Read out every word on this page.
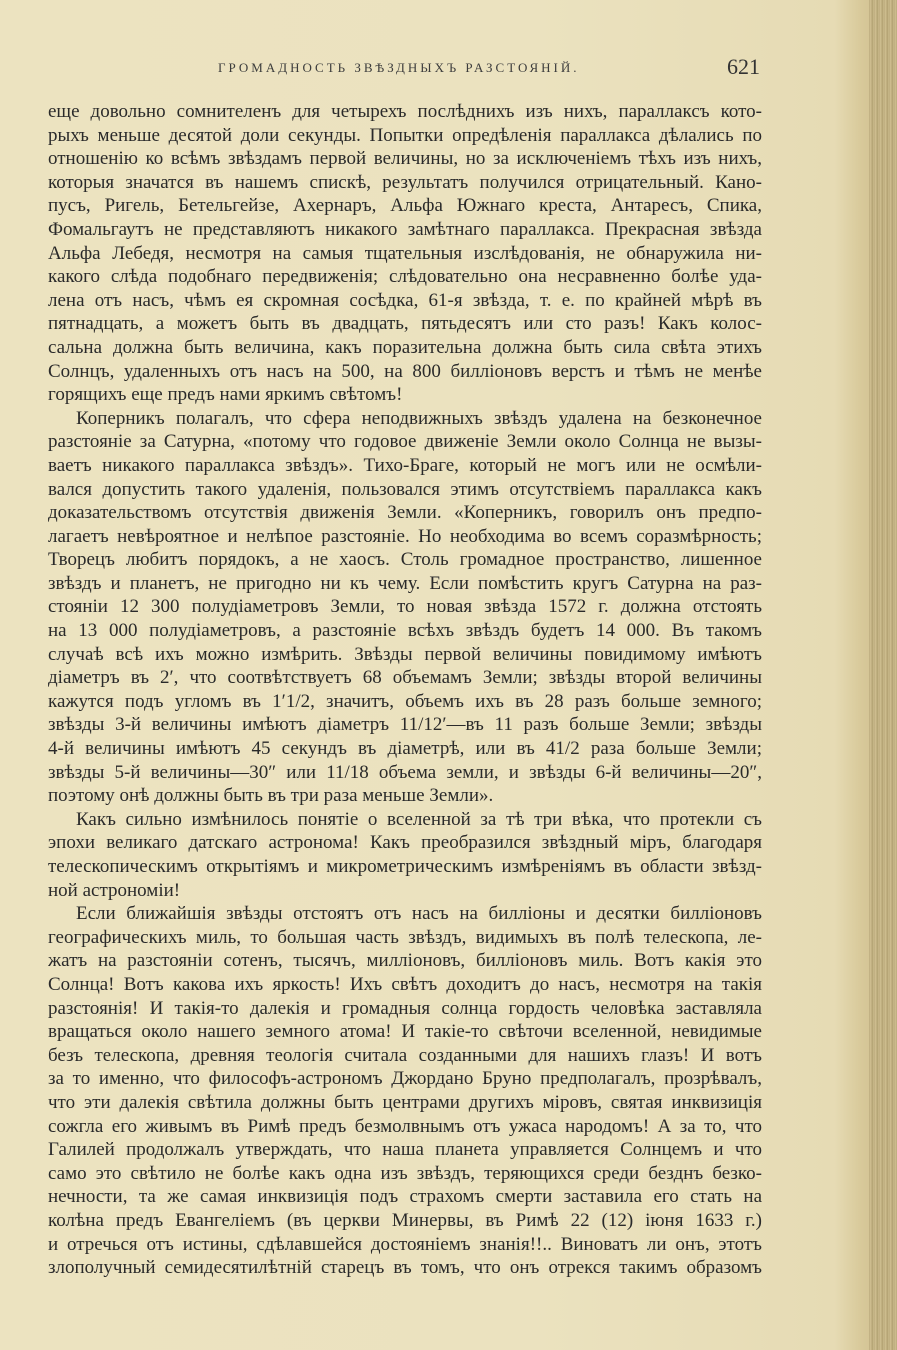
ГРОМАДНОСТЬ ЗВѢЗДНЫХЪ РАЗСТОЯНІЙ.	621
еще довольно сомнителенъ для четырехъ послѣднихъ изъ нихъ, параллаксъ кото-
рыхъ меньше десятой доли секунды. Попытки опредѣленія параллакса дѣлались по
отношенію ко всѣмъ звѣздамъ первой величины, но за исключеніемъ тѣхъ изъ нихъ,
которыя значатся въ нашемъ спискѣ, результатъ получился отрицательный. Кано-
пусъ, Ригель, Бетельгейзе, Ахернаръ, Альфа Южнаго креста, Антаресъ, Спика,
Фомальгаутъ не представляютъ никакого замѣтнаго параллакса. Прекрасная звѣзда
Альфа Лебедя, несмотря на самыя тщательныя изслѣдованія, не обнаружила ни-
какого слѣда подобнаго передвиженія; слѣдовательно она несравненно болѣе уда-
лена отъ насъ, чѣмъ ея скромная сосѣдка, 61-я звѣзда, т. е. по крайней мѣрѣ въ
пятнадцать, а можетъ быть въ двадцать, пятьдесятъ или сто разъ! Какъ колос-
сальна должна быть величина, какъ поразительна должна быть сила свѣта этихъ
Солнцъ, удаленныхъ отъ насъ на 500, на 800 билліоновъ верстъ и тѣмъ не менѣе
горящихъ еще предъ нами яркимъ свѣтомъ!
Коперникъ полагалъ, что сфера неподвижныхъ звѣздъ удалена на безконечное
разстояніе за Сатурна, «потому что годовое движеніе Земли около Солнца не вызы-
ваетъ никакого параллакса звѣздъ». Тихо-Браге, который не могъ или не осмѣли-
вался допустить такого удаленія, пользовался этимъ отсутствіемъ параллакса какъ
доказательствомъ отсутствія движенія Земли. «Коперникъ, говорилъ онъ предпо-
лагаетъ невѣроятное и нелѣпое разстояніе. Но необходима во всемъ соразмѣрность;
Творецъ любитъ порядокъ, а не хаосъ. Столь громадное пространство, лишенное
звѣздъ и планетъ, не пригодно ни къ чему. Если помѣстить кругъ Сатурна на раз-
стояніи 12 300 полудіаметровъ Земли, то новая звѣзда 1572 г. должна отстоять
на 13 000 полудіаметровъ, а разстояніе всѣхъ звѣздъ будетъ 14 000. Въ такомъ
случаѣ всѣ ихъ можно измѣрить. Звѣзды первой величины повидимому имѣютъ
діаметръ въ 2′, что соотвѣтствуетъ 68 объемамъ Земли; звѣзды второй величины
кажутся подъ угломъ въ 1′1/2, значитъ, объемъ ихъ въ 28 разъ больше земного;
звѣзды 3-й величины имѣютъ діаметръ 11/12′—въ 11 разъ больше Земли; звѣзды
4-й величины имѣютъ 45 секундъ въ діаметрѣ, или въ 41/2 раза больше Земли;
звѣзды 5-й величины—30″ или 11/18 объема земли, и звѣзды 6-й величины—20″,
поэтому онѣ должны быть въ три раза меньше Земли».
Какъ сильно измѣнилось понятіе о вселенной за тѣ три вѣка, что протекли съ
эпохи великаго датскаго астронома! Какъ преобразился звѣздный міръ, благодаря
телескопическимъ открытіямъ и микрометрическимъ измѣреніямъ въ области звѣзд-
ной астрономіи!
Если ближайшія звѣзды отстоятъ отъ насъ на билліоны и десятки билліоновъ
географическихъ миль, то большая часть звѣздъ, видимыхъ въ полѣ телескопа, ле-
жатъ на разстояніи сотенъ, тысячъ, милліоновъ, билліоновъ миль. Вотъ какія это
Солнца! Вотъ какова ихъ яркость! Ихъ свѣтъ доходитъ до насъ, несмотря на такія
разстоянія! И такія-то далекія и громадныя солнца гордость человѣка заставляла
вращаться около нашего земного атома! И такіе-то свѣточи вселенной, невидимые
безъ телескопа, древняя теологія считала созданными для нашихъ глазъ! И вотъ
за то именно, что философъ-астрономъ Джордано Бруно предполагалъ, прозрѣвалъ,
что эти далекія свѣтила должны быть центрами другихъ міровъ, святая инквизиція
сожгла его живымъ въ Римѣ предъ безмолвнымъ отъ ужаса народомъ! А за то, что
Галилей продолжалъ утверждать, что наша планета управляется Солнцемъ и что
само это свѣтило не болѣе какъ одна изъ звѣздъ, теряющихся среди безднъ безко-
нечности, та же самая инквизиція подъ страхомъ смерти заставила его стать на
колѣна предъ Евангеліемъ (въ церкви Минервы, въ Римѣ 22 (12) іюня 1633 г.)
и отречься отъ истины, сдѣлавшейся достояніемъ знанія!!.. Виноватъ ли онъ, этотъ
злополучный семидесятилѣтній старецъ въ томъ, что онъ отрекся такимъ образомъ
